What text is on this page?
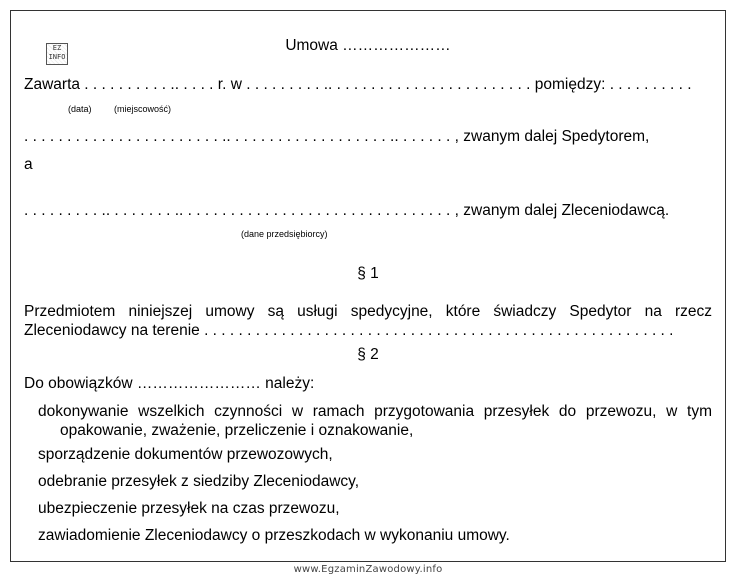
EZ INFO
Umowa …………………
Zawarta . . . . . . . . . . .. . . . . r. w . . . . . . . . . .. . . . . . . . . . . . . . . . . . . . . . . . pomiędzy: . . . . . . . . . .
(data) (miejscowość)
. . . . . . . . . . . . . . . . . . . . . . . .. . . . . . . . . . . . . . . . . . . .. . . . . . . , zwanym dalej Spedytorem,
a
. . . . . . . . . .. . . . . . . . .. . . . . . . . . . . . . . . . . . . . . . . . . . . . . . . . , zwanym dalej Zleceniodawcą.
(dane przedsiębiorcy)
§ 1
Przedmiotem niniejszej umowy są usługi spedycyjne, które świadczy Spedytor na rzecz Zleceniodawcy na terenie . . . . . . . . . . . . . . . . . . . . . . . . . . . . . . . . . . . . . . . . . . . . . . . . . . . . . . .
§ 2
Do obowiązków …………………… należy:
dokonywanie wszelkich czynności w ramach przygotowania przesyłek do przewozu, w tym opakowanie, zważenie, przeliczenie i oznakowanie,
sporządzenie dokumentów przewozowych,
odebranie przesyłek z siedziby Zleceniodawcy,
ubezpieczenie przesyłek na czas przewozu,
zawiadomienie Zleceniodawcy o przeszkodach w wykonaniu umowy.
www.EgzaminZawodowy.info
